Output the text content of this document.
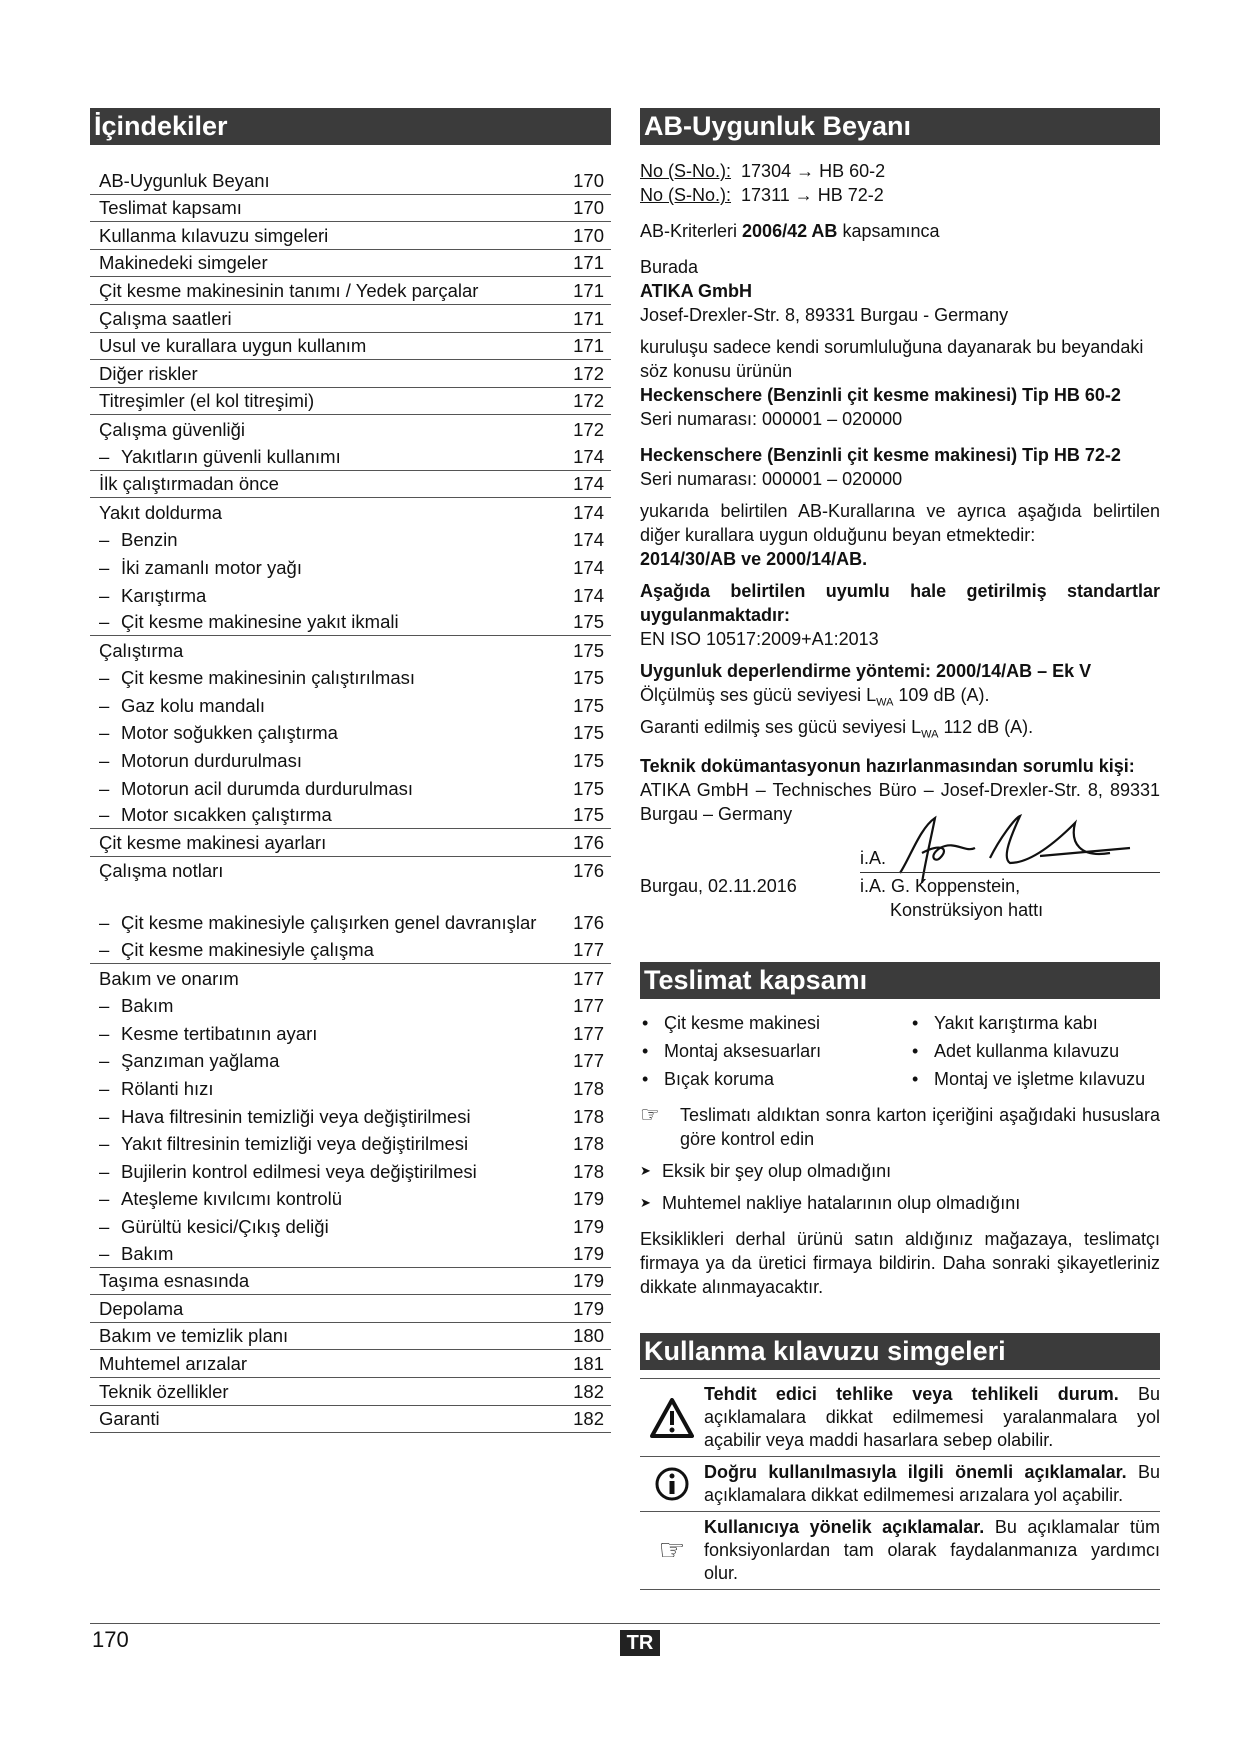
İçindekiler
AB-Uygunluk Beyanı	170
Teslimat kapsamı	170
Kullanma kılavuzu simgeleri	170
Makinedeki simgeler	171
Çit kesme makinesinin tanımı / Yedek parçalar	171
Çalışma saatleri	171
Usul ve kurallara uygun kullanım	171
Diğer riskler	172
Titreşimler (el kol titreşimi)	172
Çalışma güvenliği	172
– Yakıtların güvenli kullanımı	174
İlk çalıştırmadan önce	174
Yakıt doldurma	174
– Benzin	174
– İki zamanlı motor yağı	174
– Karıştırma	174
– Çit kesme makinesine yakıt ikmali	175
Çalıştırma	175
– Çit kesme makinesinin çalıştırılması	175
– Gaz kolu mandalı	175
– Motor soğukken çalıştırma	175
– Motorun durdurulması	175
– Motorun acil durumda durdurulması	175
– Motor sıcakken çalıştırma	175
Çit kesme makinesi ayarları	176
Çalışma notları	176
– Çit kesme makinesiyle çalışırken genel davranışlar	176
– Çit kesme makinesiyle çalışma	177
Bakım ve onarım	177
– Bakım	177
– Kesme tertibatının ayarı	177
– Şanzıman yağlama	177
– Rölanti hızı	178
– Hava filtresinin temizliği veya değiştirilmesi	178
– Yakıt filtresinin temizliği veya değiştirilmesi	178
– Bujilerin kontrol edilmesi veya değiştirilmesi	178
– Ateşleme kıvılcımı kontrolü	179
– Gürültü kesici/Çıkış deliği	179
– Bakım	179
Taşıma esnasında	179
Depolama	179
Bakım ve temizlik planı	180
Muhtemel arızalar	181
Teknik özellikler	182
Garanti	182
AB-Uygunluk Beyanı
No (S-No.): 17304 → HB 60-2
No (S-No.): 17311 → HB 72-2
AB-Kriterleri 2006/42 AB kapsamınca
Burada
ATIKA GmbH
Josef-Drexler-Str. 8, 89331 Burgau - Germany
kuruluşu sadece kendi sorumluluğuna dayanarak bu beyandaki söz konusu ürünün
Heckenschere (Benzinli çit kesme makinesi) Tip HB 60-2
Seri numarası: 000001 – 020000
Heckenschere (Benzinli çit kesme makinesi) Tip HB 72-2
Seri numarası: 000001 – 020000
yukarıda belirtilen AB-Kurallarına ve ayrıca aşağıda belirtilen diğer kurallara uygun olduğunu beyan etmektedir:
2014/30/AB ve 2000/14/AB.
Aşağıda belirtilen uyumlu hale getirilmiş standartlar uygulanmaktadır:
EN ISO 10517:2009+A1:2013
Uygunluk deperlendirme yöntemi: 2000/14/AB – Ek V
Ölçülmüş ses gücü seviyesi $L_{WA}$ 109 dB (A).
Garanti edilmiş ses gücü seviyesi $L_{WA}$ 112 dB (A).
Teknik dokümantasyonun hazırlanmasından sorumlu kişi:
ATIKA GmbH – Technisches Büro – Josef-Drexler-Str. 8, 89331 Burgau – Germany
i.A.
Burgau, 02.11.2016	i.A. G. Koppenstein,
Konstrüksiyon hattı
Teslimat kapsamı
• Çit kesme makinesi	• Yakıt karıştırma kabı
• Montaj aksesuarları	• Adet kullanma kılavuzu
• Bıçak koruma	• Montaj ve işletme kılavuzu
☞	Teslimatı aldıktan sonra karton içeriğini aşağıdaki hususlara göre kontrol edin
➤ Eksik bir şey olup olmadığını
➤ Muhtemel nakliye hatalarının olup olmadığını
Eksiklikleri derhal ürünü satın aldığınız mağazaya, teslimatçı firmaya ya da üretici firmaya bildirin. Daha sonraki şikayetleriniz dikkate alınmayacaktır.
Kullanma kılavuzu simgeleri
Tehdit edici tehlike veya tehlikeli durum. Bu açıklamalara dikkat edilmemesi yaralanmalara yol açabilir veya maddi hasarlara sebep olabilir.
Doğru kullanılmasıyla ilgili önemli açıklamalar. Bu açıklamalara dikkat edilmemesi arızalara yol açabilir.
☞
Kullanıcıya yönelik açıklamalar. Bu açıklamalar tüm fonksiyonlardan tam olarak faydalanmanıza yardımcı olur.
170	TR
